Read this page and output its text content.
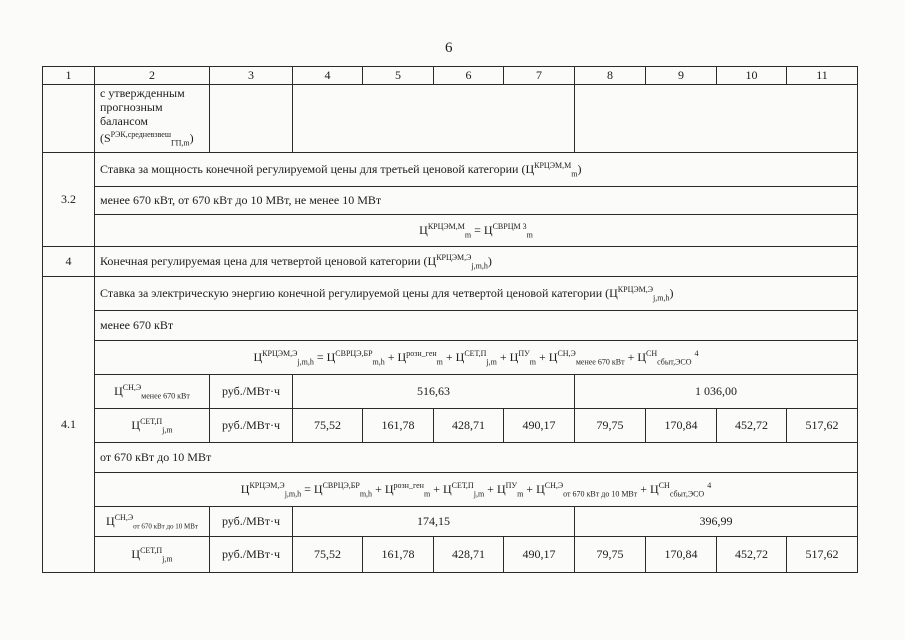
6
1	2	3	4	5	6	7	8	9	10	11
	с утвержденным
прогнозным
балансом
$(S^{РЭК,средневзвеш}_{ГП,m})$									
3.2	Ставка за мощность конечной регулируемой цены для третьей ценовой категории $(Ц^{КРЦЭМ,М}_m)$									
	менее 670 кВт, от 670 кВт до 10 МВт, не менее 10 МВт									
	$Ц^{КРЦЭМ,М}_m = Ц^{СВРЦМ 3}_m$
4	Конечная регулируемая цена для четвертой ценовой категории $(Ц^{КРЦЭМ,Э}_{j,m,h})$									
4.1	Ставка за электрическую энергию конечной регулируемой цены для четвертой ценовой категории $(Ц^{КРЦЭМ,Э}_{j,m,h})$									
	менее 670 кВт									
	$Ц^{КРЦЭМ,Э}_{j,m,h} = Ц^{СВРЦЭ,БР}_{m,h} + Ц^{розн\_ген}_m + Ц^{СЕТ,П}_{j,m} + Ц^{ПУ}_m + Ц^{СН,Э}_{менее 670 кВт} + Ц^{СН}_{сбыт,ЭСО}$ $^4$
	$Ц^{СН,Э}_{менее 670 кВт}$	руб./МВт·ч	516,63				1 036,00			
	$Ц^{СЕТ,П}_{j,m}$	руб./МВт·ч	75,52	161,78	428,71	490,17	79,75	170,84	452,72	517,62
	от 670 кВт до 10 МВт									
	$Ц^{КРЦЭМ,Э}_{j,m,h} = Ц^{СВРЦЭ,БР}_{m,h} + Ц^{розн\_ген}_m + Ц^{СЕТ,П}_{j,m} + Ц^{ПУ}_m + Ц^{СН,Э}_{от 670 кВт до 10 МВт} + Ц^{СН}_{сбыт,ЭСО}$ $^4$
	$Ц^{СН,Э}_{от 670 кВт до 10 МВт}$	руб./МВт·ч	174,15				396,99			
	$Ц^{СЕТ,П}_{j,m}$	руб./МВт·ч	75,52	161,78	428,71	490,17	79,75	170,84	452,72	517,62
